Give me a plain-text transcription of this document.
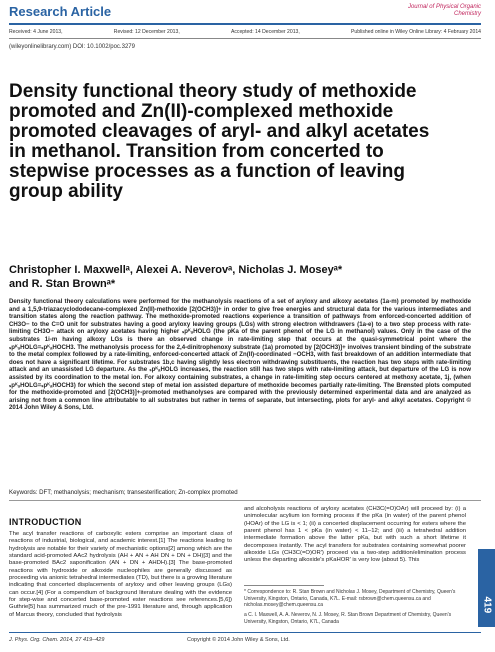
Research Article	Journal of Physical Organic Chemistry
Received: 4 June 2013,	Revised: 12 December 2013,	Accepted: 14 December 2013,	Published online in Wiley Online Library: 4 February 2014
(wileyonlinelibrary.com) DOI: 10.1002/poc.3279
Density functional theory study of methoxide promoted and Zn(II)-complexed methoxide promoted cleavages of aryl- and alkyl acetates in methanol. Transition from concerted to stepwise processes as a function of leaving group ability
Christopher I. Maxwellᵃ, Alexei A. Neverovᵃ, Nicholas J. Moseyᵃ*
and R. Stan Brownᵃ*
Density functional theory calculations were performed for the methanolysis reactions of a set of aryloxy and alkoxy acetates (1a-m) promoted by methoxide and a 1,5,9-triazacyclododecane-complexed Zn(II)-methoxide [2(OCH3)]+ in order to give free energies and structural data for the various intermediates and transition states along the reaction pathway. The methoxide-promoted reactions experience a transition of pathways from enforced-concerted addition of CH3O− to the C=O unit for substrates having a good aryloxy leaving groups (LGs) with strong electron withdrawers (1a-e) to a two step process with rate-limiting CH3O− attack on aryloxy acetates having higher ₛpᴷₐHOLG (the pKa of the parent phenol of the LG in methanol) values. Only in the case of the substrates 1i-m having alkoxy LGs is there an observed change in rate-limiting step that occurs at the quasi-symmetrical point where the ₛpᴷₐHOLG=ₛpᴷₐHOCH3. The methanolysis process for the 2,4-dinitrophenoxy substrate (1a) promoted by [2(OCH3)]+ involves transient binding of the substrate to the metal complex followed by a rate-limiting, enforced-concerted attack of Zn(II)-coordinated −OCH3, with fast breakdown of an addition intermediate that does not have a significant lifetime. For substrates 1b,c having slightly less electron withdrawing substituents, the reaction has two steps with rate-limiting attack and an unassisted LG departure. As the ₛpᴷₐHOLG increases, the reaction still has two steps with rate-limiting attack, but departure of the LG is now assisted by its coordination to the metal ion. For alkoxy containing substrates, a change in rate-limiting step occurs centered at methoxy acetate, 1j, (when ₛpᴷₐHOLG=ₛpᴷₐHOCH3) for which the second step of metal ion assisted departure of methoxide becomes partially rate-limiting. The Brønsted plots computed for the methoxide-promoted and [2(OCH3)]+-promoted methanolyses are compared with the previously determined experimental data and are analyzed as arising not from a common line attributable to all substrates but rather in terms of separate, but intersecting, plots for aryl- and alkyl acetates. Copyright © 2014 John Wiley & Sons, Ltd.
Keywords: DFT; methanolysis; mechanism; transesterification; Zn-complex promoted
INTRODUCTION
The acyl transfer reactions of carboxylic esters comprise an important class of reactions of industrial, biological, and academic interest.[1] The reactions leading to hydrolysis are notable for their variety of mechanistic options[2] among which are the standard acid-promoted AAc2 hydrolysis (AH + AN + AH DN + DN + DH)[3] and the base-promoted BAc2 saponification (AN + DN + AHDH).[3] The base-promoted reactions with hydroxide or alkoxide nucleophiles are generally discussed as proceeding via anionic tetrahedral intermediates (TD), but there is a growing literature indicating that concerted displacements of aryloxy and other leaving groups (LGs) can occur.[4] (For a compendium of background literature dealing with the evidence for step-wise and concerted base-promoted ester reactions see references.[5,6]) Guthrie[5] has summarized much of the pre-1991 literature and, through application of Marcus theory, concluded that hydrolysis
and alcoholysis reactions of aryloxy acetates (CH3C(=O)OAr) will proceed by: (i) a unimolecular acylium ion forming process if the pKa (in water) of the parent phenol (HOAr) of the LG is < 1; (ii) a concerted displacement occurring for esters where the parent phenol has 1 < pKa (in water) < 11–12; and (iii) a tetrahedral addition intermediate formation above the latter pKa, but with such a short lifetime it decomposes instantly. The acyl transfers for substrates containing somewhat poorer alkoxide LGs (CH3C(=O)OR') proceed via a two-step addition/elimination process unless the departing alkoxide's pKaHOR' is very low (about 5). This
* Correspondence to: R. Stan Brown and Nicholas J. Mosey, Department of Chemistry, Queen's University, Kingston, Ontario, Canada, K7L. E-mail: rsbrown@chem.queensu.ca and nicholas.mosey@chem.queensu.ca
a C. I. Maxwell, A. A. Neverov, N. J. Mosey, R. Stan Brown Department of Chemistry, Queen's University, Kingston, Ontario, K7L, Canada
419
J. Phys. Org. Chem. 2014, 27 419–429	Copyright © 2014 John Wiley & Sons, Ltd.
